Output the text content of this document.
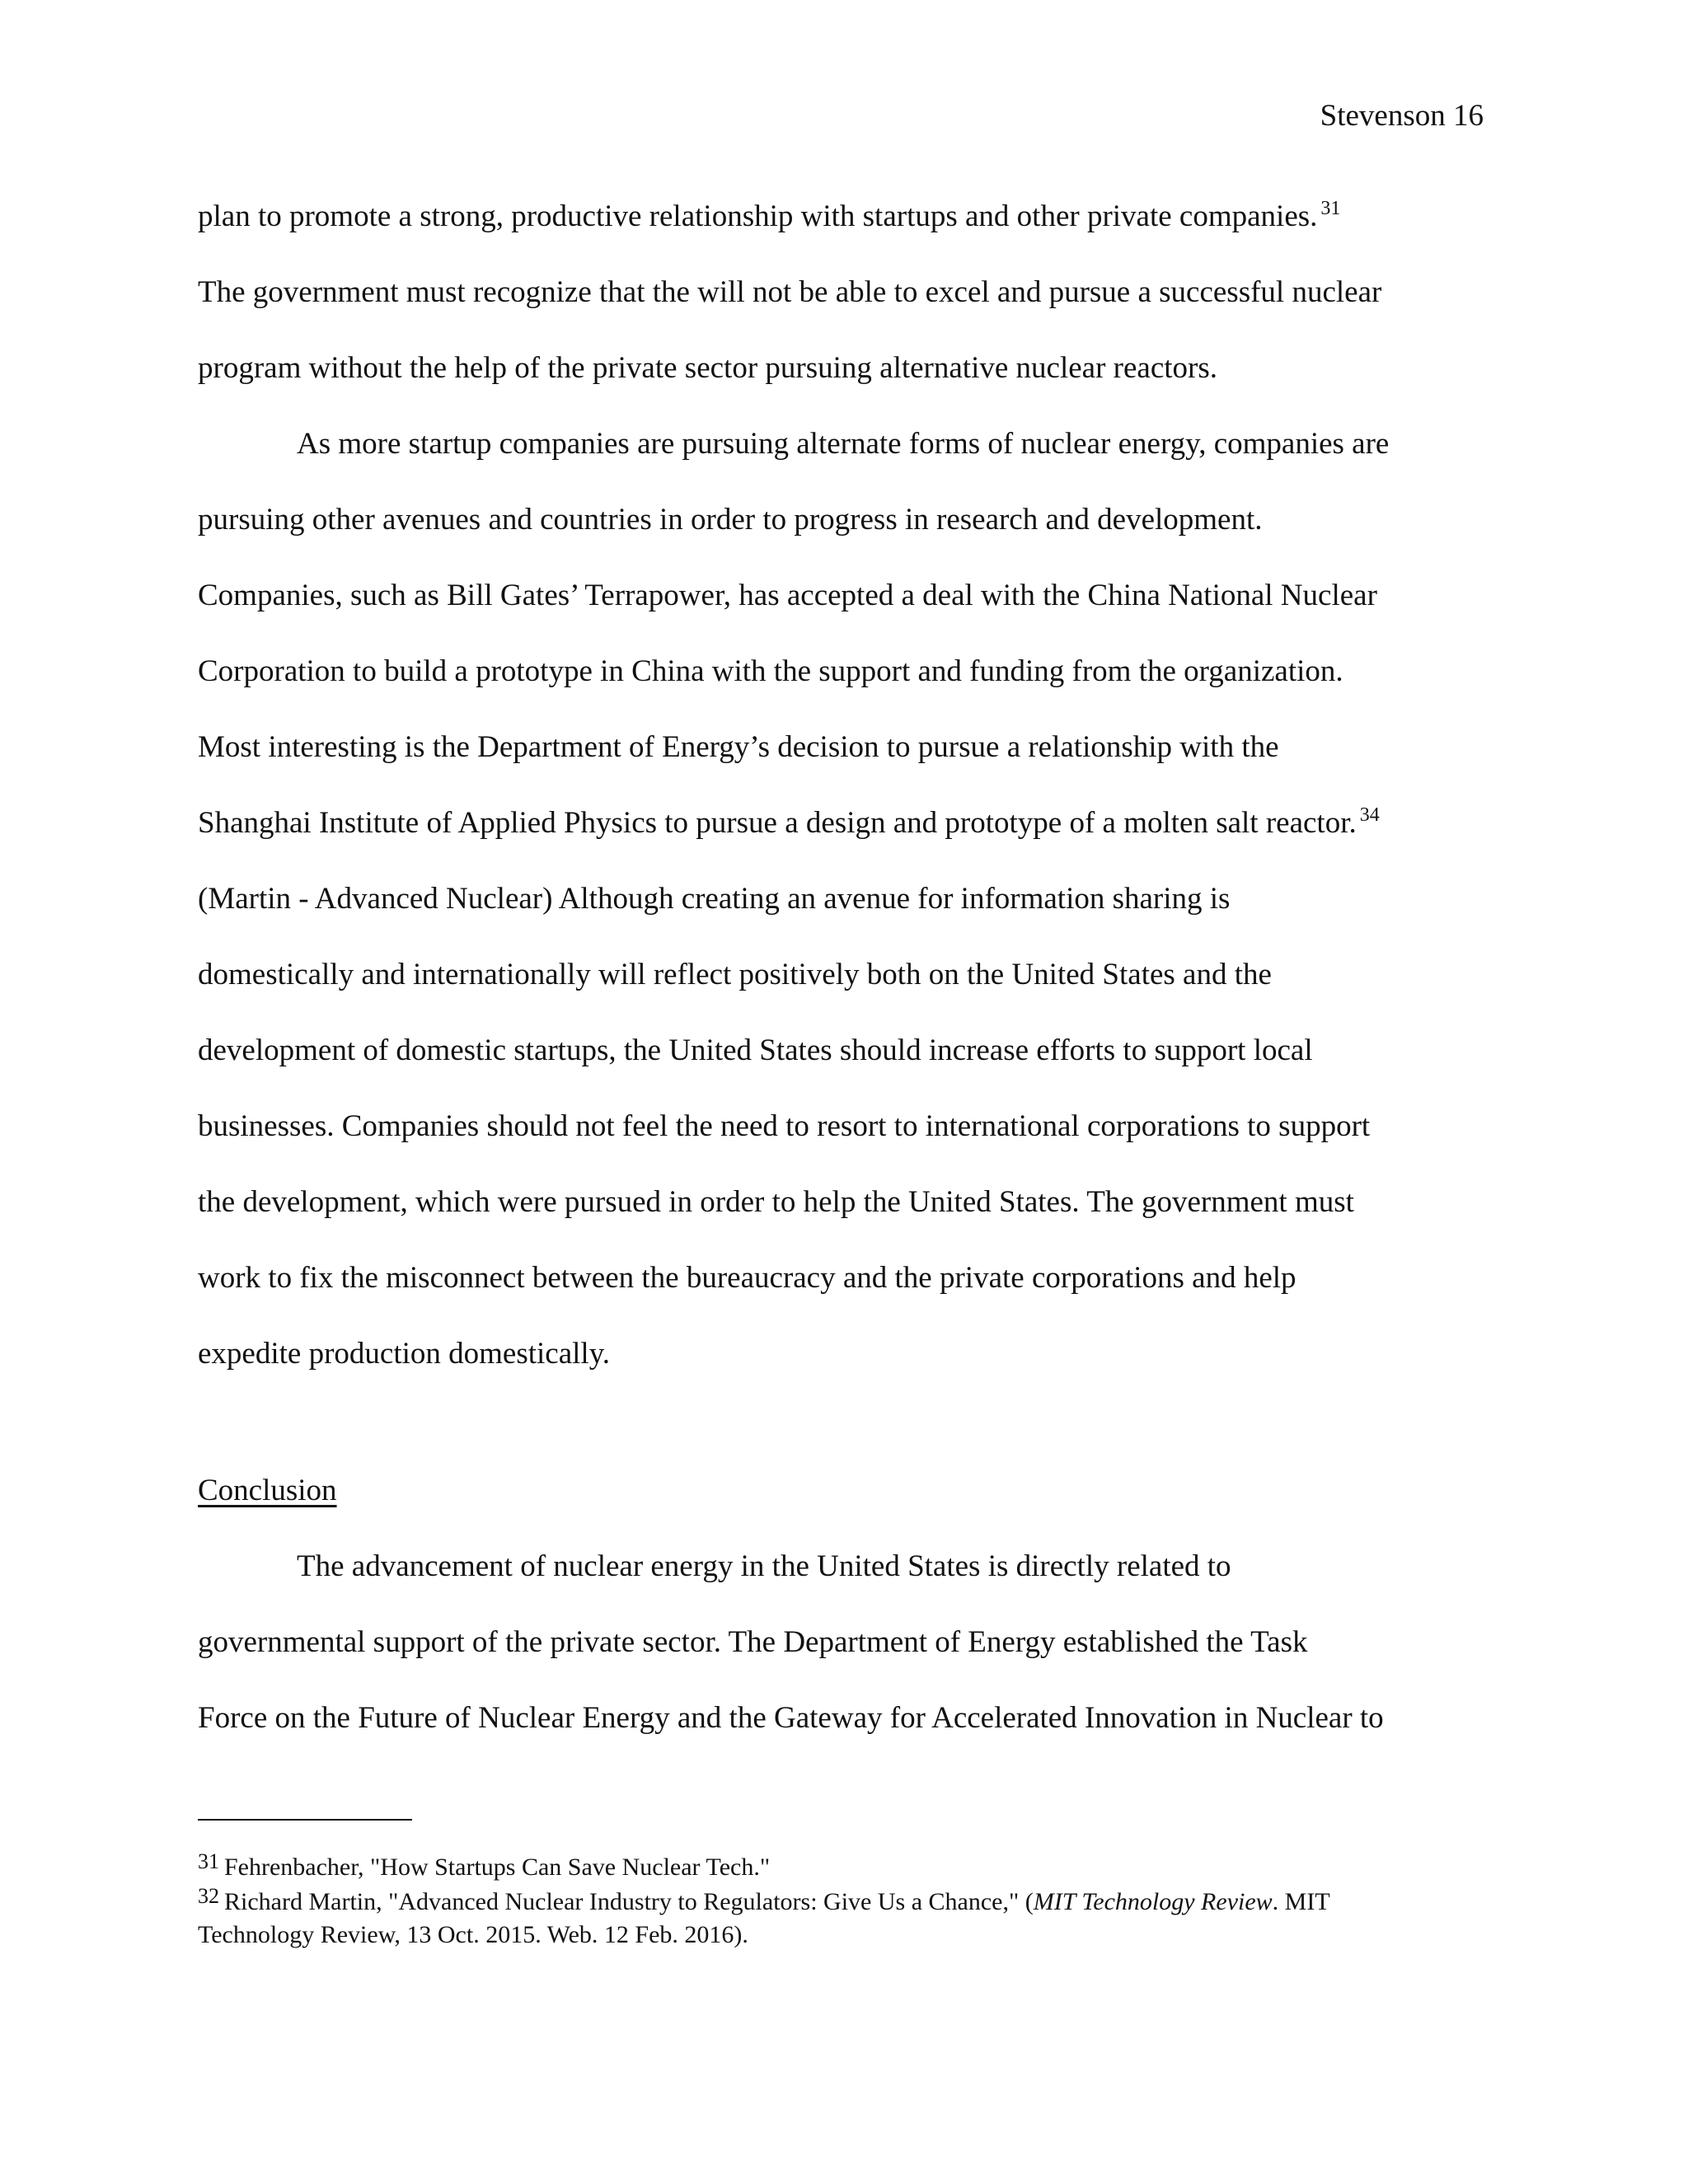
Stevenson 16
plan to promote a strong, productive relationship with startups and other private companies. $^{31}$
The government must recognize that the will not be able to excel and pursue a successful nuclear
program without the help of the private sector pursuing alternative nuclear reactors.
As more startup companies are pursuing alternate forms of nuclear energy, companies are
pursuing other avenues and countries in order to progress in research and development.
Companies, such as Bill Gates’ Terrapower, has accepted a deal with the China National Nuclear
Corporation to build a prototype in China with the support and funding from the organization.
Most interesting is the Department of Energy’s decision to pursue a relationship with the
Shanghai Institute of Applied Physics to pursue a design and prototype of a molten salt reactor. $^{34}$
(Martin - Advanced Nuclear) Although creating an avenue for information sharing is
domestically and internationally will reflect positively both on the United States and the
development of domestic startups, the United States should increase efforts to support local
businesses. Companies should not feel the need to resort to international corporations to support
the development, which were pursued in order to help the United States. The government must
work to fix the misconnect between the bureaucracy and the private corporations and help
expedite production domestically.
Conclusion
The advancement of nuclear energy in the United States is directly related to
governmental support of the private sector. The Department of Energy established the Task
Force on the Future of Nuclear Energy and the Gateway for Accelerated Innovation in Nuclear to
31 Fehrenbacher, "How Startups Can Save Nuclear Tech."
32 Richard Martin, "Advanced Nuclear Industry to Regulators: Give Us a Chance," (MIT Technology Review. MIT
Technology Review, 13 Oct. 2015. Web. 12 Feb. 2016).
